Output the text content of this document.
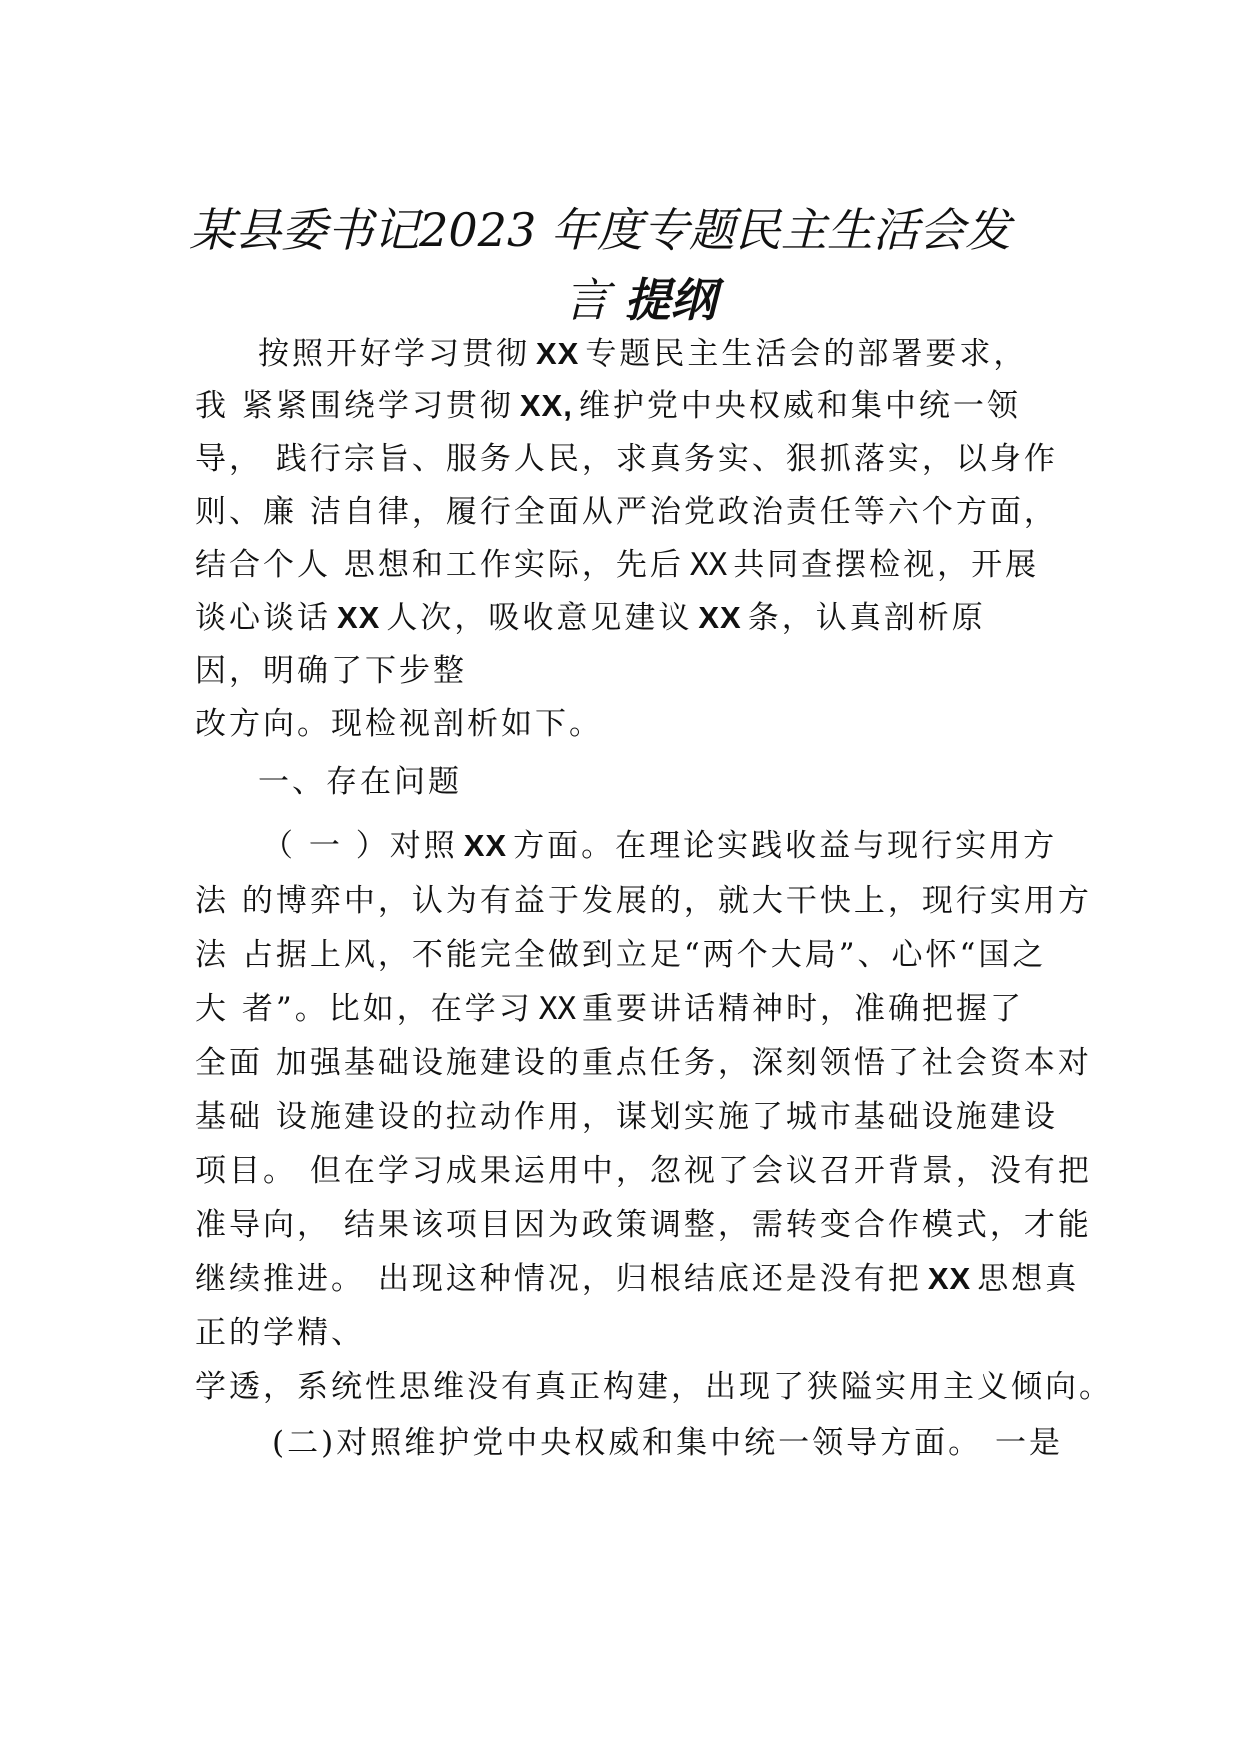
某县委书记2023 年度专题民主生活会发
言 提纲
按照开好学习贯彻 XX 专题民主生活会的部署要求，
我 紧紧围绕学习贯彻 XX, 维护党中央权威和集中统一领
导， 践行宗旨、服务人民，求真务实、狠抓落实，以身作
则、廉 洁自律，履行全面从严治党政治责任等六个方面，
结合个人 思想和工作实际，先后 XX 共同查摆检视，开展
谈心谈话 XX 人次，吸收意见建议 XX 条，认真剖析原
因，明确了下步整
改方向。现检视剖析如下。
一、存在问题
（ 一 ）对照 XX 方面。在理论实践收益与现行实用方
法 的博弈中，认为有益于发展的，就大干快上，现行实用方
法 占据上风，不能完全做到立足“两个大局”、心怀“国之
大 者”。比如，在学习 XX 重要讲话精神时，准确把握了
全面 加强基础设施建设的重点任务，深刻领悟了社会资本对
基础 设施建设的拉动作用，谋划实施了城市基础设施建设
项目。 但在学习成果运用中，忽视了会议召开背景，没有把
准导向， 结果该项目因为政策调整，需转变合作模式，才能
继续推进。 出现这种情况，归根结底还是没有把 XX 思想真
正的学精、
学透，系统性思维没有真正构建，出现了狭隘实用主义倾向。
(二)对照维护党中央权威和集中统一领导方面。 一是
